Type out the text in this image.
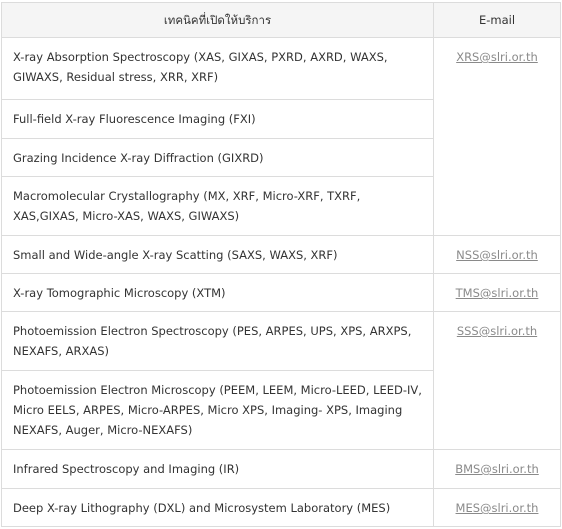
เทคนิคที่เปิดให้บริการ	E-mail
X-ray Absorption Spectroscopy (XAS, GIXAS, PXRD, AXRD, WAXS, GIWAXS, Residual stress, XRR, XRF)	XRS@slri.or.th
Full-field X-ray Fluorescence Imaging (FXI)	
Grazing Incidence X-ray Diffraction (GIXRD)	
Macromolecular Crystallography (MX, XRF, Micro-XRF, TXRF, XAS,GIXAS, Micro-XAS, WAXS, GIWAXS)	
Small and Wide-angle X-ray Scatting (SAXS, WAXS, XRF)	NSS@slri.or.th
X-ray Tomographic Microscopy (XTM)	TMS@slri.or.th
Photoemission Electron Spectroscopy (PES, ARPES, UPS, XPS, ARXPS, NEXAFS, ARXAS)	SSS@slri.or.th
Photoemission Electron Microscopy (PEEM, LEEM, Micro-LEED, LEED-IV, Micro EELS, ARPES, Micro-ARPES, Micro XPS, Imaging- XPS, Imaging NEXAFS, Auger, Micro-NEXAFS)	
Infrared Spectroscopy and Imaging (IR)	BMS@slri.or.th
Deep X-ray Lithography (DXL) and Microsystem Laboratory (MES)	MES@slri.or.th
